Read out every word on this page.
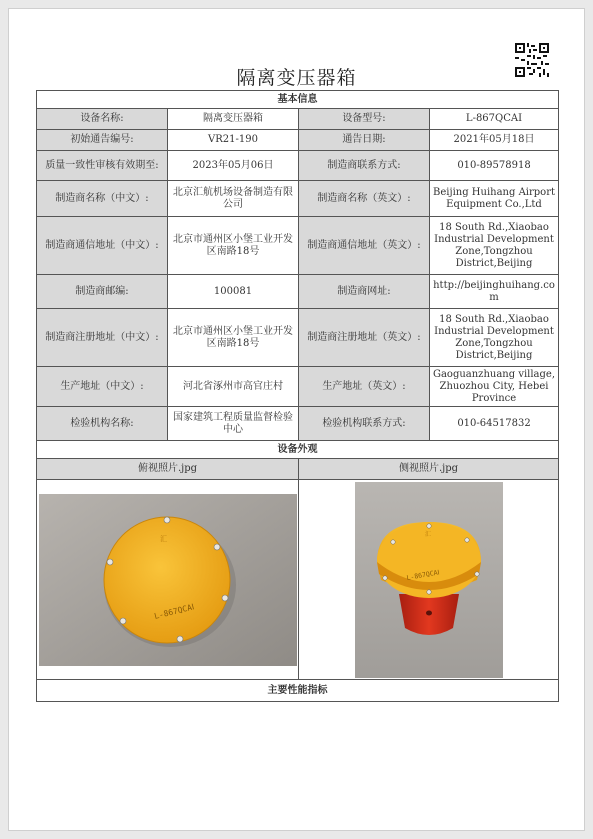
隔离变压器箱
基本信息			
设备名称:	隔离变压器箱	设备型号:	L-867QCAⅠ
初始通告编号:	VR21-190	通告日期:	2021年05月18日
质量一致性审核有效期至:	2023年05月06日	制造商联系方式:	010-89578918
制造商名称（中文）:	北京汇航机场设备制造有限公司	制造商名称（英文）:	Beijing Huihang Airport Equipment Co.,Ltd
制造商通信地址（中文）:	北京市通州区小堡工业开发区南路18号	制造商通信地址（英文）:	18 South Rd.,Xiaobao Industrial Development Zone,Tongzhou District,Beijing
制造商邮编:	100081	制造商网址:	http://beijinghuihang.com
制造商注册地址（中文）:	北京市通州区小堡工业开发区南路18号	制造商注册地址（英文）:	18 South Rd.,Xiaobao Industrial Development Zone,Tongzhou District,Beijing
生产地址（中文）:	河北省涿州市高官庄村	生产地址（英文）:	Gaoguanzhuang village, Zhuozhou City, Hebei Province
检验机构名称:	国家建筑工程质量监督检验中心	检验机构联系方式:	010-64517832
设备外观			
俯视照片.jpg		侧视照片.jpg	

L-867QCAⅠ
汇		L-867QCAⅠ
汇	

主要性能指标			
